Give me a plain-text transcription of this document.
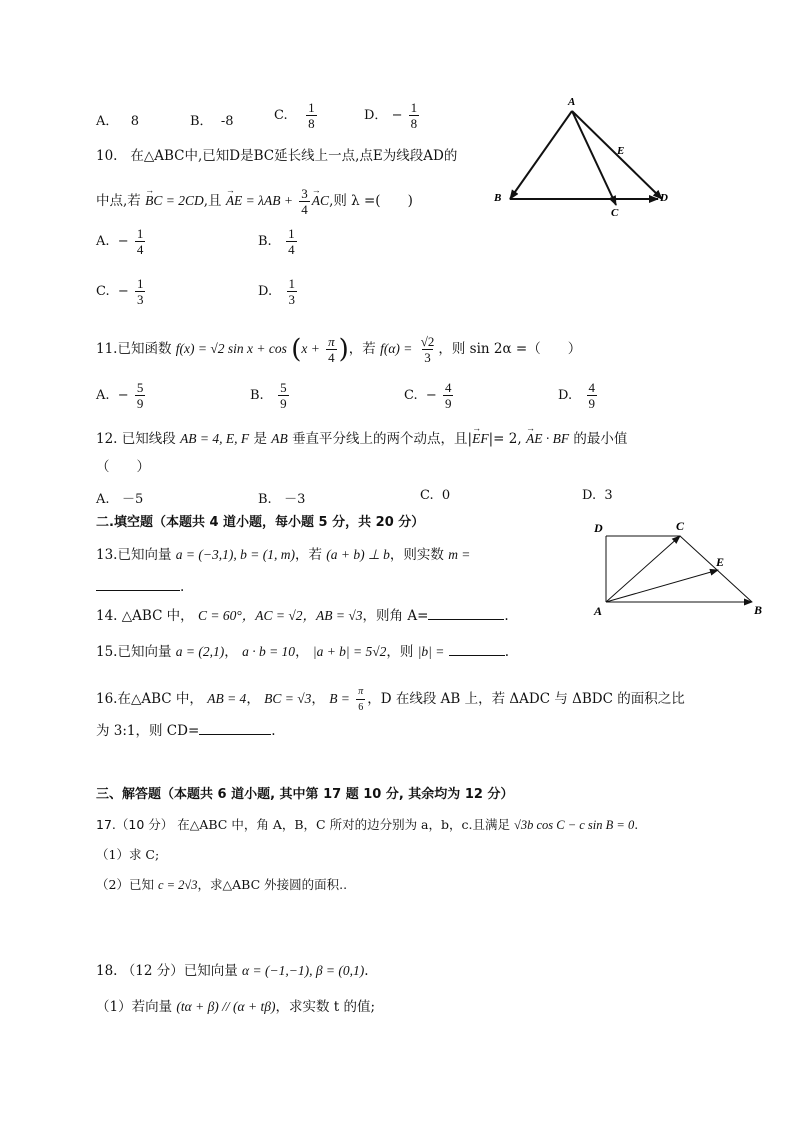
A． 8	B． -8	C. $\frac{1}{8}$	D． − $\frac{1}{8}$
10. 在△ABC中,已知D是BC延长线上一点,点E为线段AD的
中点,若 → BC = 2CD,且 → AE = $\lambda AB + \frac{3}{4}$ → AC,则 λ =(　　)
A. − $\frac{1}{4}$	B. $\frac{1}{4}$
C. − $\frac{1}{3}$	D. $\frac{1}{3}$
A
B
C
D
E
11.已知函数 f(x) = √2 $\sin x + \cos (x + \frac{\pi}{4}$ )，若 $f(\alpha) = \frac{√2}{3}$ ，则 sin 2α =（　　）
A. − $\frac{5}{9}$	B. $\frac{5}{9}$	C. − $\frac{4}{9}$	D. $\frac{4}{9}$
12. 已知线段 AB = 4, E, F 是 AB 垂直平分线上的两个动点，且|→ EF|= 2, → AE · BF 的最小值
（　　）
A. －5	B. －3	C. 0	D. 3
二.填空题（本题共 4 道小题，每小题 5 分，共 20 分）
13.已知向量 a = (−3,1), b = (1, m)，若 (a + b) ⊥ b，则实数 m =
.
14. △ABC 中， C = 60°，AC = √2，AB = √3，则角 A=	.
15.已知向量 a = (2,1)， a · b = 10， |a + b| = 5√2，则 |b| =	.
16.在△ABC 中， AB = 4， BC = √3， $B = \frac{\pi}{6}$ ，D 在线段 AB 上，若 ΔADC 与 ΔBDC 的面积之比
为 3:1，则 CD=	.
D	C
E
A	B
三、解答题（本题共 6 道小题, 其中第 17 题 10 分, 其余均为 12 分）
17.（10 分） 在△ABC 中，角 A，B，C 所对的边分别为 a，b，c.且满足 √3b cos C − c sin B = 0.
（1）求 C;
（2）已知 c = 2√3，求△ABC 外接圆的面积..
18. （12 分）已知向量 α = (−1,−1), β = (0,1).
（1）若向量 (tα + β) // (α + tβ)，求实数 t 的值;
